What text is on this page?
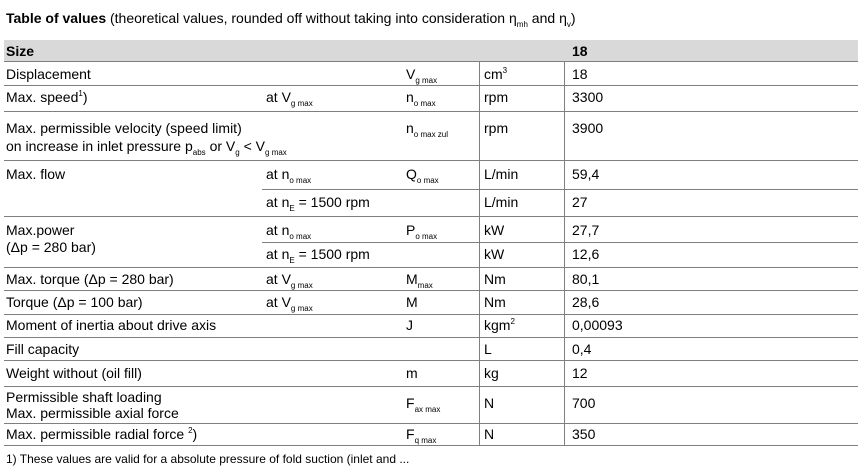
Table of values (theoretical values, rounded off without taking into consideration $\eta_{mh}$ and $\eta_v$)
Size	18
Displacement	$V_{g max}$	$cm^3$	18
Max. speed$^1$)	at $V_{g max}$	$n_{o max}$	rpm	3300
Max. permissible velocity (speed limit)
on increase in inlet pressure $p_{abs}$ or $V_g < V_{g max}$
$n_{o max zul}$	rpm	3900
Max. flow	at $n_{o max}$	$Q_{o max}$	L/min	59,4
at $n_E = 1500$ rpm	L/min	27
Max.power
(Δp = 280 bar)
at $n_{o max}$	$P_{o max}$	kW	27,7
at $n_E = 1500$ rpm	kW	12,6
Max. torque (Δp = 280 bar)	at $V_{g max}$	$M_{max}$	Nm	80,1
Torque (Δp = 100 bar)	at $V_{g max}$	M	Nm	28,6
Moment of inertia about drive axis	J	kgm$^2$	0,00093
Fill capacity	L	0,4
Weight without (oil fill)	m	kg	12
Permissible shaft loading
Max. permissible axial force
$F_{ax max}$	N	700
Max. permissible radial force $^2$)	$F_{q max}$	N	350
1) These values are valid for a absolute pressure of fold suction (inlet and ...
